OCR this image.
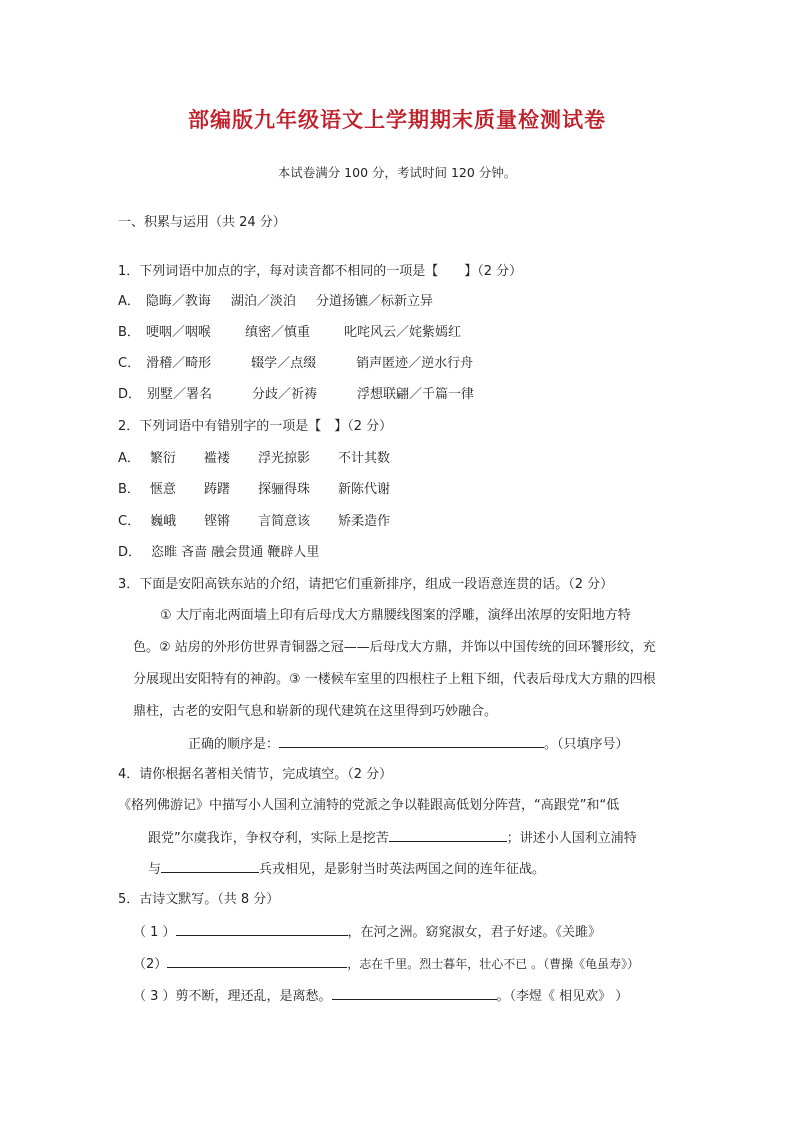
部编版九年级语文上学期期末质量检测试卷
本试卷满分 100 分，考试时间 120 分钟。
一、积累与运用（共 24 分）
1．下列词语中加点的字，每对读音都不相同的一项是【　　】（2 分）
A． 隐晦／教诲 湖泊／淡泊 分道扬镳／标新立异
B． 哽咽／咽喉	缜密／慎重	叱咤风云／姹紫嫣红
C． 滑稽／畸形	辍学／点缀	销声匿迹／逆水行舟
D． 别墅／署名	分歧／祈祷	浮想联翩／千篇一律
2．下列词语中有错别字的一项是【　】（2 分）
A． 繁衍 褴褛 浮光掠影 不计其数
B． 惬意 踌躇 探骊得珠 新陈代谢
C． 巍峨 铿锵 言简意该 矫柔造作
D． 恣睢 吝啬 融会贯通 鞭辟人里
3．下面是安阳高铁东站的介绍，请把它们重新排序，组成一段语意连贯的话。（2 分）
① 大厅南北两面墙上印有后母戊大方鼎腰线图案的浮雕，演绎出浓厚的安阳地方特
色。② 站房的外形仿世界青铜器之冠——后母戊大方鼎，并饰以中国传统的回环饕形纹，充
分展现出安阳特有的神韵。③ 一楼候车室里的四根柱子上粗下细，代表后母戊大方鼎的四根
鼎柱，古老的安阳气息和崭新的现代建筑在这里得到巧妙融合。
正确的顺序是：	。（只填序号）
4．请你根据名著相关情节，完成填空。（2 分）
《格列佛游记》中描写小人国利立浦特的党派之争以鞋跟高低划分阵营，“高跟党”和“低
跟党”尔虞我诈，争权夺利，实际上是挖苦	；讲述小人国利立浦特
与	兵戎相见，是影射当时英法两国之间的连年征战。
5．古诗文默写。（共 8 分）
（ 1 ）	，在河之洲。窈窕淑女，君子好逑。《关雎》
（2）	，志在千里。烈士暮年，壮心不已 。（曹操《龟虽寿》）
（ 3 ）剪不断，理还乱，是离愁。	。（李煜《 相见欢》 ）
